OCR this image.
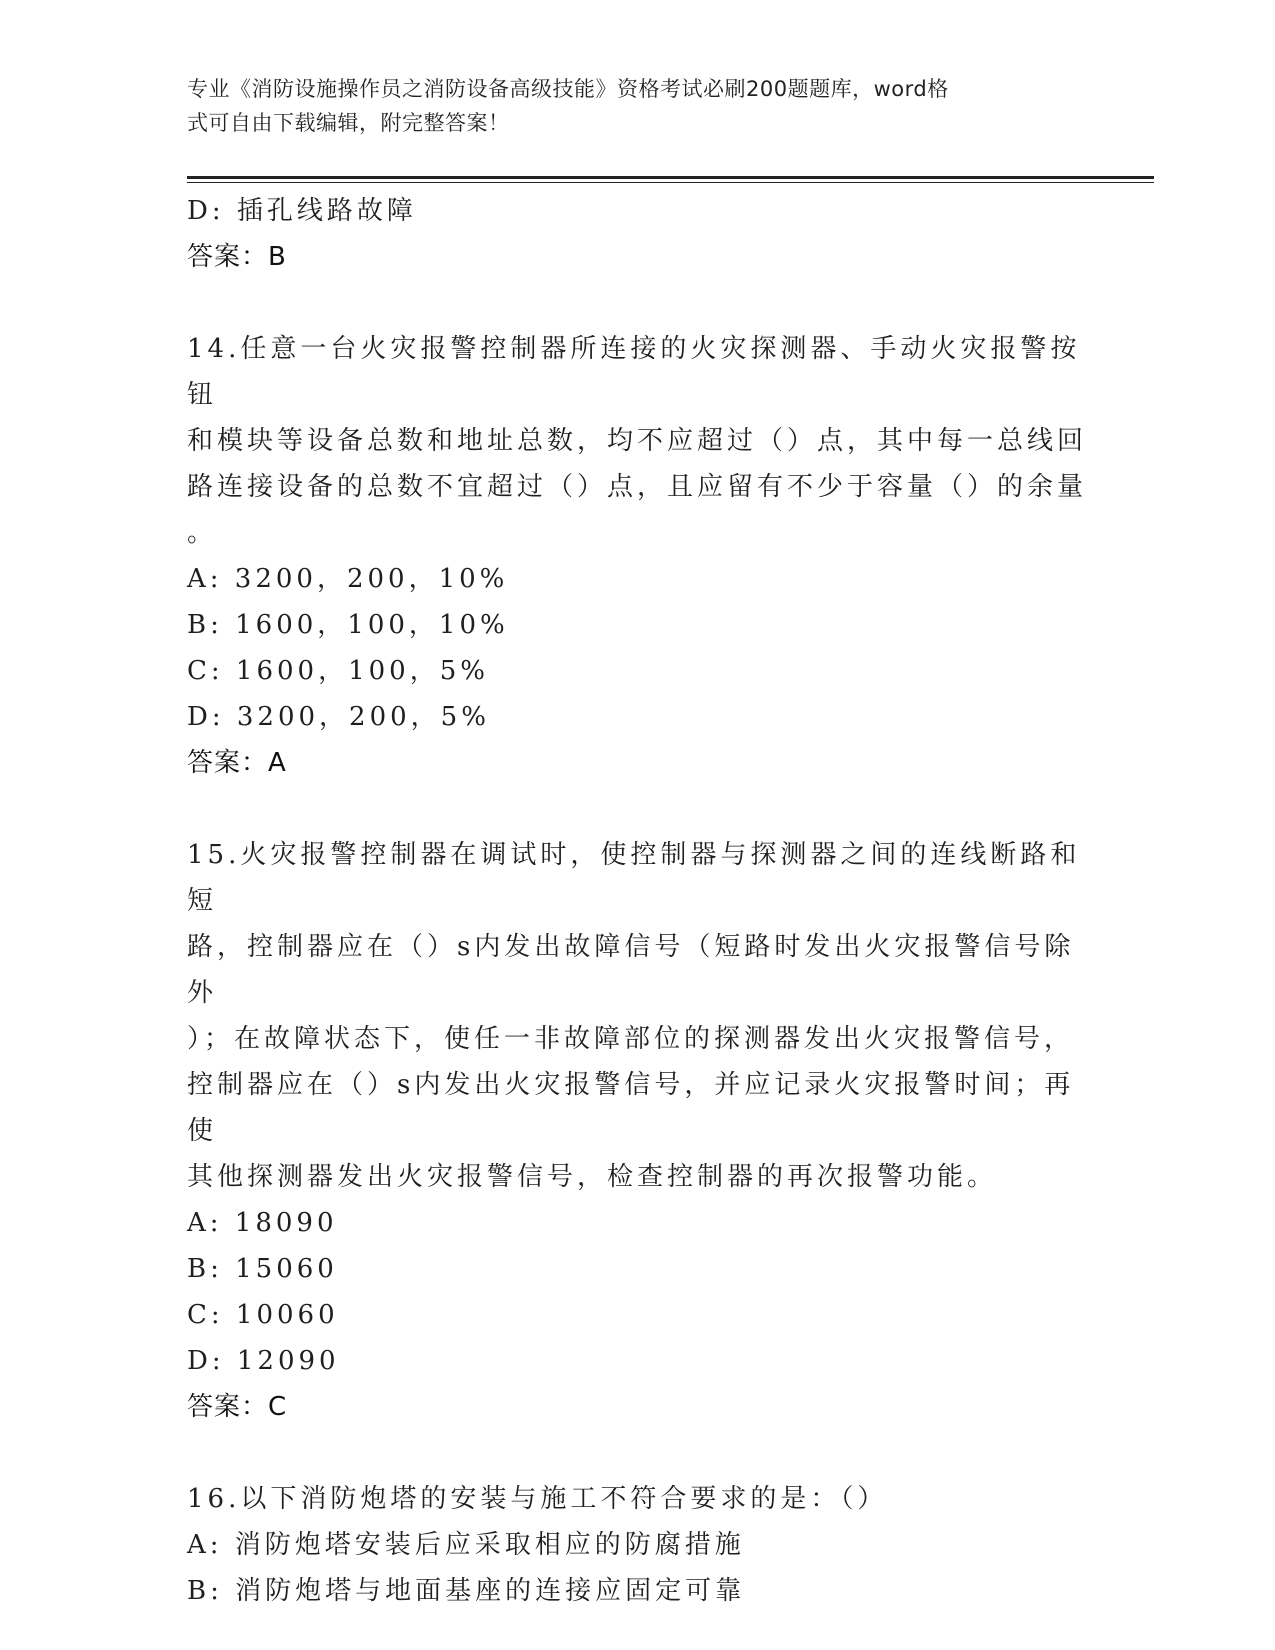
专业《消防设施操作员之消防设备高级技能》资格考试必刷200题题库，word格
式可自由下载编辑，附完整答案！
D: 插孔线路故障
答案：B
14.任意一台火灾报警控制器所连接的火灾探测器、手动火灾报警按钮
和模块等设备总数和地址总数，均不应超过（）点，其中每一总线回
路连接设备的总数不宜超过（）点，且应留有不少于容量（）的余量
。
A: 3200，200，10%
B: 1600，100，10%
C: 1600，100，5%
D: 3200，200，5%
答案：A
15.火灾报警控制器在调试时，使控制器与探测器之间的连线断路和短
路，控制器应在（）s内发出故障信号（短路时发出火灾报警信号除外
）；在故障状态下，使任一非故障部位的探测器发出火灾报警信号，
控制器应在（）s内发出火灾报警信号，并应记录火灾报警时间；再使
其他探测器发出火灾报警信号，检查控制器的再次报警功能。
A: 18090
B: 15060
C: 10060
D: 12090
答案：C
16.以下消防炮塔的安装与施工不符合要求的是：（）
A: 消防炮塔安装后应采取相应的防腐措施
B: 消防炮塔与地面基座的连接应固定可靠
